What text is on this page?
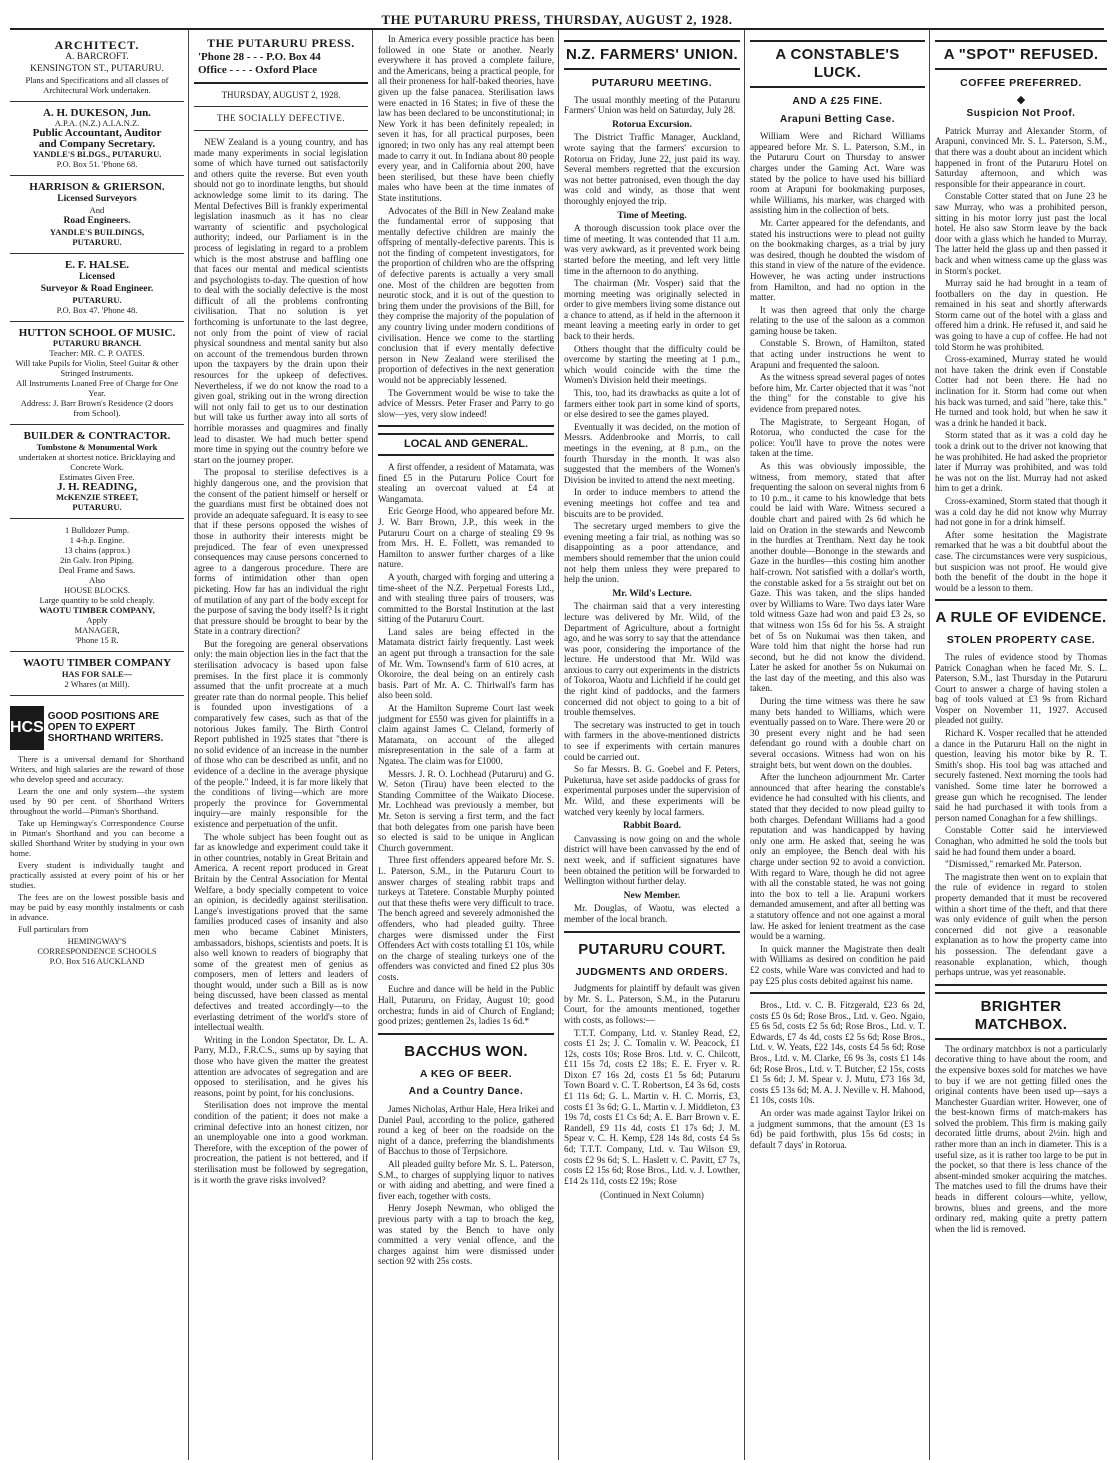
THE PUTARURU PRESS, THURSDAY, AUGUST 2, 1928.
ARCHITECT.
A. BARCROFT.
KENSINGTON ST., PUTARURU.
Plans and Specifications and all classes of Architectural Work undertaken.
A. H. DUKESON, Jun.
A.P.A. (N.Z.) A.I.A.N.Z.
Public Accountant, Auditor
and Company Secretary.
YANDLE'S BLDGS., PUTARURU.
P.O. Box 51. 'Phone 68.
HARRISON & GRIERSON.
Licensed Surveyors
And
Road Engineers.
YANDLE'S BUILDINGS,
PUTARURU.
E. F. HALSE.
Licensed
Surveyor & Road Engineer.
PUTARURU.
P.O. Box 47. 'Phone 48.
HUTTON SCHOOL OF MUSIC.
PUTARURU BRANCH.
Teacher: MR. C. P. OATES.
Will take Pupils for Violin, Steel Guitar & other Stringed Instruments.
All Instruments Loaned Free of Charge for One Year.
Address: J. Barr Brown's Residence (2 doors from School).
BUILDER & CONTRACTOR.
Tombstone & Monumental Work
undertaken at shortest notice. Bricklaying and Concrete Work.
Estimates Given Free.
J. H. READING,
McKENZIE STREET,
PUTARURU.
1 Bulldozer Pump.
1 4-h.p. Engine.
13 chains (approx.)
2in Galv. Iron Piping.
Deal Frame and Saws.
Also
HOUSE BLOCKS.
Large quantity to be sold cheaply.
WAOTU TIMBER COMPANY,
Apply
MANAGER,
'Phone 15 R.
WAOTU TIMBER COMPANY
HAS FOR SALE—
2 Whares (at Mill).
HCS
GOOD POSITIONS ARE OPEN TO EXPERT SHORTHAND WRITERS.

There is a universal demand for Shorthand Writers, and high salaries are the reward of those who develop speed and accuracy.

Learn the one and only system—the system used by 90 per cent. of Shorthand Writers throughout the world—Pitman's Shorthand.

Take up Hemingway's Correspondence Course in Pitman's Shorthand and you can become a skilled Shorthand Writer by studying in your own home.

Every student is individually taught and practically assisted at every point of his or her studies.

The fees are on the lowest possible basis and may be paid by easy monthly instalments or cash in advance.

Full particulars from

HEMINGWAY'S
CORRESPONDENCE SCHOOLS
P.O. Box 516 AUCKLAND
THE PUTARURU PRESS.
'Phone 28 - - - P.O. Box 44
Office - - - - Oxford Place
THURSDAY, AUGUST 2, 1928.
THE SOCIALLY DEFECTIVE.

NEW Zealand is a young country, and has made many experiments in social legislation some of which have turned out satisfactorily and others quite the reverse. But even youth should not go to inordinate lengths, but should acknowledge some limit to its daring. The Mental Defectives Bill is frankly experimental legislation inasmuch as it has no clear warranty of scientific and psychological authority; indeed, our Parliament is in the process of legislating in regard to a problem which is the most abstruse and baffling one that faces our mental and medical scientists and psychologists to-day. The question of how to deal with the socially defective is the most difficult of all the problems confronting civilisation. That no solution is yet forthcoming is unfortunate to the last degree, not only from the point of view of racial physical soundness and mental sanity but also on account of the tremendous burden thrown upon the taxpayers by the drain upon their resources for the upkeep of defectives. Nevertheless, if we do not know the road to a given goal, striking out in the wrong direction will not only fail to get us to our destination but will take us further away into all sorts of horrible morasses and quagmires and finally lead to disaster. We had much better spend more time in spying out the country before we start on the journey proper.

The proposal to sterilise defectives is a highly dangerous one, and the provision that the consent of the patient himself or herself or the guardians must first be obtained does not provide an adequate safeguard. It is easy to see that if these persons opposed the wishes of those in authority their interests might be prejudiced. The fear of even unexpressed consequences may cause persons concerned to agree to a dangerous procedure. There are forms of intimidation other than open picketing. How far has an individual the right of mutilation of any part of the body except for the purpose of saving the body itself? Is it right that pressure should be brought to bear by the State in a contrary direction?

But the foregoing are general observations only: the main objection lies in the fact that the sterilisation advocacy is based upon false premises. In the first place it is commonly assumed that the unfit procreate at a much greater rate than do normal people. This belief is founded upon investigations of a comparatively few cases, such as that of the notorious Jukes family. The Birth Control Report published in 1925 states that "there is no solid evidence of an increase in the number of those who can be described as unfit, and no evidence of a decline in the average physique of the people." Indeed, it is far more likely that the conditions of living—which are more properly the province for Governmental inquiry—are mainly responsible for the existence and perpetuation of the unfit.

The whole subject has been fought out as far as knowledge and experiment could take it in other countries, notably in Great Britain and America. A recent report produced in Great Britain by the Central Association for Mental Welfare, a body specially competent to voice an opinion, is decidedly against sterilisation. Lange's investigations proved that the same families produced cases of insanity and also men who became Cabinet Ministers, ambassadors, bishops, scientists and poets. It is also well known to readers of biography that some of the greatest men of genius as composers, men of letters and leaders of thought would, under such a Bill as is now being discussed, have been classed as mental defectives and treated accordingly—to the everlasting detriment of the world's store of intellectual wealth.

Writing in the London Spectator, Dr. L. A. Parry, M.D., F.R.C.S., sums up by saying that those who have given the matter the greatest attention are advocates of segregation and are opposed to sterilisation, and he gives his reasons, point by point, for his conclusions.

Sterilisation does not improve the mental condition of the patient; it does not make a criminal defective into an honest citizen, nor an unemployable one into a good workman. Therefore, with the exception of the power of procreation, the patient is not bettered, and if sterilisation must be followed by segregation, is it worth the grave risks involved?

In America every possible practice has been followed in one State or another. Nearly everywhere it has proved a complete failure, and the Americans, being a practical people, for all their proneness for half-baked theories, have given up the false panacea. Sterilisation laws were enacted in 16 States; in five of these the law has been declared to be unconstitutional; in New York it has been definitely repealed; in seven it has, for all practical purposes, been ignored; in two only has any real attempt been made to carry it out. In Indiana about 80 people every year, and in California about 200, have been sterilised, but these have been chiefly males who have been at the time inmates of State institutions.

Advocates of the Bill in New Zealand make the fundamental error of supposing that mentally defective children are mainly the offspring of mentally-defective parents. This is not the finding of competent investigators, for the proportion of children who are the offspring of defective parents is actually a very small one. Most of the children are begotten from neurotic stock, and it is out of the question to bring them under the provisions of the Bill, for they comprise the majority of the population of any country living under modern conditions of civilisation. Hence we come to the startling conclusion that if every mentally defective person in New Zealand were sterilised the proportion of defectives in the next generation would not be appreciably lessened.

The Government would be wise to take the advice of Messrs. Peter Fraser and Parry to go slow—yes, very slow indeed!

LOCAL AND GENERAL.

A first offender, a resident of Matamata, was fined £5 in the Putaruru Police Court for stealing an overcoat valued at £4 at Wangamata.

Eric George Hood, who appeared before Mr. J. W. Barr Brown, J.P., this week in the Putaruru Court on a charge of stealing £9 9s from Mrs. H. E. Follett, was remanded to Hamilton to answer further charges of a like nature.

A youth, charged with forging and uttering a time-sheet of the N.Z. Perpetual Forests Ltd., and with stealing three pairs of trousers, was committed to the Borstal Institution at the last sitting of the Putaruru Court.

Land sales are being effected in the Matamata district fairly frequently. Last week an agent put through a transaction for the sale of Mr. Wm. Townsend's farm of 610 acres, at Okoroire, the deal being on an entirely cash basis. Part of Mr. A. C. Thirlwall's farm has also been sold.

At the Hamilton Supreme Court last week judgment for £550 was given for plaintiffs in a claim against James C. Cleland, formerly of Matamata, on account of the alleged misrepresentation in the sale of a farm at Ngatea. The claim was for £1000.

Messrs. J. R. O. Lochhead (Putaruru) and G. W. Seton (Tirau) have been elected to the Standing Committee of the Waikato Diocese. Mr. Lochhead was previously a member, but Mr. Seton is serving a first term, and the fact that both delegates from one parish have been so elected is said to be unique in Anglican Church government.

Three first offenders appeared before Mr. S. L. Paterson, S.M., in the Putaruru Court to answer charges of stealing rabbit traps and turkeys at Tatetere. Constable Murphy pointed out that these thefts were very difficult to trace. The bench agreed and severely admonished the offenders, who had pleaded guilty. Three charges were dismissed under the First Offenders Act with costs totalling £1 10s, while on the charge of stealing turkeys one of the offenders was convicted and fined £2 plus 30s costs.

Euchre and dance will be held in the Public Hall, Putaruru, on Friday, August 10; good orchestra; funds in aid of Church of England; good prizes; gentlemen 2s, ladies 1s 6d.*

BACCHUS WON.
A KEG OF BEER.
And a Country Dance.

James Nicholas, Arthur Hale, Hera Irikei and Daniel Paul, according to the police, gathered round a keg of beer on the roadside on the night of a dance, preferring the blandishments of Bacchus to those of Terpsichore.

All pleaded guilty before Mr. S. L. Paterson, S.M., to charges of supplying liquor to natives or with aiding and abetting, and were fined a fiver each, together with costs.

Henry Joseph Newman, who obliged the previous party with a tap to broach the keg, was stated by the Bench to have only committed a very venial offence, and the charges against him were dismissed under section 92 with 25s costs.

N.Z. FARMERS' UNION.
PUTARURU MEETING.

The usual monthly meeting of the Putaruru Farmers' Union was held on Saturday, July 28.

Rotorua Excursion.

The District Traffic Manager, Auckland, wrote saying that the farmers' excursion to Rotorua on Friday, June 22, just paid its way. Several members regretted that the excursion was not better patronised, even though the day was cold and windy, as those that went thoroughly enjoyed the trip.

Time of Meeting.

A thorough discussion took place over the time of meeting. It was contended that 11 a.m. was very awkward, as it prevented work being started before the meeting, and left very little time in the afternoon to do anything.

The chairman (Mr. Vosper) said that the morning meeting was originally selected in order to give members living some distance out a chance to attend, as if held in the afternoon it meant leaving a meeting early in order to get back to their herds.

Others thought that the difficulty could be overcome by starting the meeting at 1 p.m., which would coincide with the time the Women's Division held their meetings.

This, too, had its drawbacks as quite a lot of farmers either took part in some kind of sports, or else desired to see the games played.

Eventually it was decided, on the motion of Messrs. Addenbrooke and Morris, to call meetings in the evening, at 8 p.m., on the fourth Thursday in the month. It was also suggested that the members of the Women's Division be invited to attend the next meeting.

In order to induce members to attend the evening meetings hot coffee and tea and biscuits are to be provided.

The secretary urged members to give the evening meeting a fair trial, as nothing was so disappointing as a poor attendance, and members should remember that the union could not help them unless they were prepared to help the union.

Mr. Wild's Lecture.

The chairman said that a very interesting lecture was delivered by Mr. Wild, of the Department of Agriculture, about a fortnight ago, and he was sorry to say that the attendance was poor, considering the importance of the lecture. He understood that Mr. Wild was anxious to carry out experiments in the districts of Tokoroa, Waotu and Lichfield if he could get the right kind of paddocks, and the farmers concerned did not object to going to a bit of trouble themselves.

The secretary was instructed to get in touch with farmers in the above-mentioned districts to see if experiments with certain manures could be carried out.

So far Messrs. B. G. Goebel and F. Peters, Puketurua, have set aside paddocks of grass for experimental purposes under the supervision of Mr. Wild, and these experiments will be watched very keenly by local farmers.

Rabbit Board.

Canvassing is now going on and the whole district will have been canvassed by the end of next week, and if sufficient signatures have been obtained the petition will be forwarded to Wellington without further delay.

New Member.

Mr. Douglas, of Waotu, was elected a member of the local branch.

PUTARURU COURT.
JUDGMENTS AND ORDERS.

Judgments for plaintiff by default was given by Mr. S. L. Paterson, S.M., in the Putaruru Court, for the amounts mentioned, together with costs, as follows:—

T.T.T. Company, Ltd. v. Stanley Read, £2, costs £1 2s; J. C. Tomalin v. W. Peacock, £1 12s, costs 10s; Rose Bros. Ltd. v. C. Chilcott, £11 15s 7d, costs £2 18s; E. E. Fryer v. R. Dixon £7 16s 2d, costs £1 5s 6d; Putaruru Town Board v. C. T. Robertson, £4 3s 6d, costs £1 11s 6d; G. L. Martin v. H. C. Morris, £3, costs £1 3s 6d; G. L. Martin v. J. Middleton, £3 19s 7d, costs £1 Cs 6d; A. E. Barr Brown v. E. Randell, £9 11s 4d, costs £1 17s 6d; J. M. Spear v. C. H. Kemp, £28 14s 8d, costs £4 5s 6d; T.T.T. Company, Ltd. v. Tau Wilson £9, costs £2 9s 6d; S. L. Haslett v. C. Pavitt, £7 7s, costs £2 15s 6d; Rose Bros., Ltd. v. J. Lowther, £14 2s 11d, costs £2 19s; Rose

(Continued in Next Column)
A CONSTABLE'S LUCK.
AND A £25 FINE.
Arapuni Betting Case.

William Were and Richard Williams appeared before Mr. S. L. Paterson, S.M., in the Putaruru Court on Thursday to answer charges under the Gaming Act. Ware was stated by the police to have used his billiard room at Arapuni for bookmaking purposes, while Williams, his marker, was charged with assisting him in the collection of bets.

Mr. Carter appeared for the defendants, and stated his instructions were to plead not guilty on the bookmaking charges, as a trial by jury was desired, though he doubted the wisdom of this stand in view of the nature of the evidence. However, he was acting under instructions from Hamilton, and had no option in the matter.

It was then agreed that only the charge relating to the use of the saloon as a common gaming house be taken.

Constable S. Brown, of Hamilton, stated that acting under instructions he went to Arapuni and frequented the saloon.

As the witness spread several pages of notes before him, Mr. Carter objected that it was "not the thing" for the constable to give his evidence from prepared notes.

The Magistrate, to Sergeant Hogan, of Rotorua, who conducted the case for the police: You'll have to prove the notes were taken at the time.

As this was obviously impossible, the witness, from memory, stated that after frequenting the saloon on several nights from 6 to 10 p.m., it came to his knowledge that bets could be laid with Ware. Witness secured a double chart and paired with 2s 6d which he laid on Oration in the stewards and Newcomb in the hurdles at Trentham. Next day he took another double—Bononge in the stewards and Gaze in the hurdles—this costing him another half-crown. Not satisfied with a dollar's worth, the constable asked for a 5s straight out bet on Gaze. This was taken, and the slips handed over by Williams to Ware. Two days later Ware told witness Gaze had won and paid £3 2s, so that witness won 15s 6d for his 5s. A straight bet of 5s on Nukumai was then taken, and Ware told him that night the horse had run second, but he did not know the dividend. Later he asked for another 5s on Nukumai on the last day of the meeting, and this also was taken.

During the time witness was there he saw many bets handed to Williams, which were eventually passed on to Ware. There were 20 or 30 present every night and he had seen defendant go round with a double chart on several occasions. Witness had won on his straight bets, but went down on the doubles.

After the luncheon adjournment Mr. Carter announced that after hearing the constable's evidence he had consulted with his clients, and stated that they decided to now plead guilty to both charges. Defendant Williams had a good reputation and was handicapped by having only one arm. He asked that, seeing he was only an employee, the Bench deal with his charge under section 92 to avoid a conviction. With regard to Ware, though he did not agree with all the constable stated, he was not going into the box to tell a lie. Arapuni workers demanded amusement, and after all betting was a statutory offence and not one against a moral law. He asked for lenient treatment as the case would be a warning.

In quick manner the Magistrate then dealt with Williams as desired on condition he paid £2 costs, while Ware was convicted and had to pay £25 plus costs debited against his name.

Bros., Ltd. v. C. B. Fitzgerald, £23 6s 2d, costs £5 0s 6d; Rose Bros., Ltd. v. Geo. Ngaio, £5 6s 5d, costs £2 5s 6d; Rose Bros., Ltd. v. T. Edwards, £7 4s 4d, costs £2 5s 6d; Rose Bros., Ltd. v. W. Yeats, £22 14s, costs £4 5s 6d; Rose Bros., Ltd. v. M. Clarke, £6 9s 3s, costs £1 14s 6d; Rose Bros., Ltd. v. T. Butcher, £2 15s, costs £1 5s 6d; J. M. Spear v. J. Mutu, £73 16s 3d, costs £5 13s 6d; M. A. J. Neville v. H. Mahood, £1 10s, costs 10s.

An order was made against Taylor Irikei on a judgment summons, that the amount (£3 1s 6d) be paid forthwith, plus 15s 6d costs; in default 7 days' in Rotorua.

A "SPOT" REFUSED.
COFFEE PREFERRED.
◆
Suspicion Not Proof.

Patrick Murray and Alexander Storm, of Arapuni, convinced Mr. S. L. Paterson, S.M., that there was a doubt about an incident which happened in front of the Putaruru Hotel on Saturday afternoon, and which was responsible for their appearance in court.

Constable Cotter stated that on June 23 he saw Murray, who was a prohibited person, sitting in his motor lorry just past the local hotel. He also saw Storm leave by the back door with a glass which he handed to Murray. The latter held the glass up and then passed it back and when witness came up the glass was in Storm's pocket.

Murray said he had brought in a team of footballers on the day in question. He remained in his seat and shortly afterwards Storm came out of the hotel with a glass and offered him a drink. He refused it, and said he was going to have a cup of coffee. He had not told Storm he was prohibited.

Cross-examined, Murray stated he would not have taken the drink even if Constable Cotter had not been there. He had no inclination for it. Storm had come out when his back was turned, and said "here, take this." He turned and took hold, but when he saw it was a drink he handed it back.

Storm stated that as it was a cold day he took a drink out to the driver not knowing that he was prohibited. He had asked the proprietor later if Murray was prohibited, and was told he was not on the list. Murray had not asked him to get a drink.

Cross-examined, Storm stated that though it was a cold day he did not know why Murray had not gone in for a drink himself.

After some hesitation the Magistrate remarked that he was a bit doubtful about the case. The circumstances were very suspicious, but suspicion was not proof. He would give both the benefit of the doubt in the hope it would be a lesson to them.

A RULE OF EVIDENCE.
STOLEN PROPERTY CASE.

The rules of evidence stood by Thomas Patrick Conaghan when he faced Mr. S. L. Paterson, S.M., last Thursday in the Putaruru Court to answer a charge of having stolen a bag of tools valued at £3 9s from Richard Vosper on November 11, 1927. Accused pleaded not guilty.

Richard K. Vosper recalled that he attended a dance in the Putaruru Hall on the night in question, leaving his motor bike by R. T. Smith's shop. His tool bag was attached and securely fastened. Next morning the tools had vanished. Some time later he borrowed a grease gun which he recognised. The lender said he had purchased it with tools from a person named Conaghan for a few shillings.

Constable Cotter said he interviewed Conaghan, who admitted he sold the tools but said he had found them under a board.

"Dismissed," remarked Mr. Paterson.

The magistrate then went on to explain that the rule of evidence in regard to stolen property demanded that it must be recovered within a short time of the theft, and that there was only evidence of guilt when the person concerned did not give a reasonable explanation as to how the property came into his possession. The defendant gave a reasonable explanation, which, though perhaps untrue, was yet reasonable.

BRIGHTER MATCHBOX.

The ordinary matchbox is not a particularly decorative thing to have about the room, and the expensive boxes sold for matches we have to buy if we are not getting filled ones the original contents have been used up—says a Manchester Guardian writer. However, one of the best-known firms of match-makers has solved the problem. This firm is making gaily decorated little drums, about 2½in. high and rather more than an inch in diameter. This is a useful size, as it is rather too large to be put in the pocket, so that there is less chance of the absent-minded smoker acquiring the matches. The matches used to fill the drums have their heads in different colours—white, yellow, browns, blues and greens, and the more ordinary red, making quite a pretty pattern when the lid is removed.
